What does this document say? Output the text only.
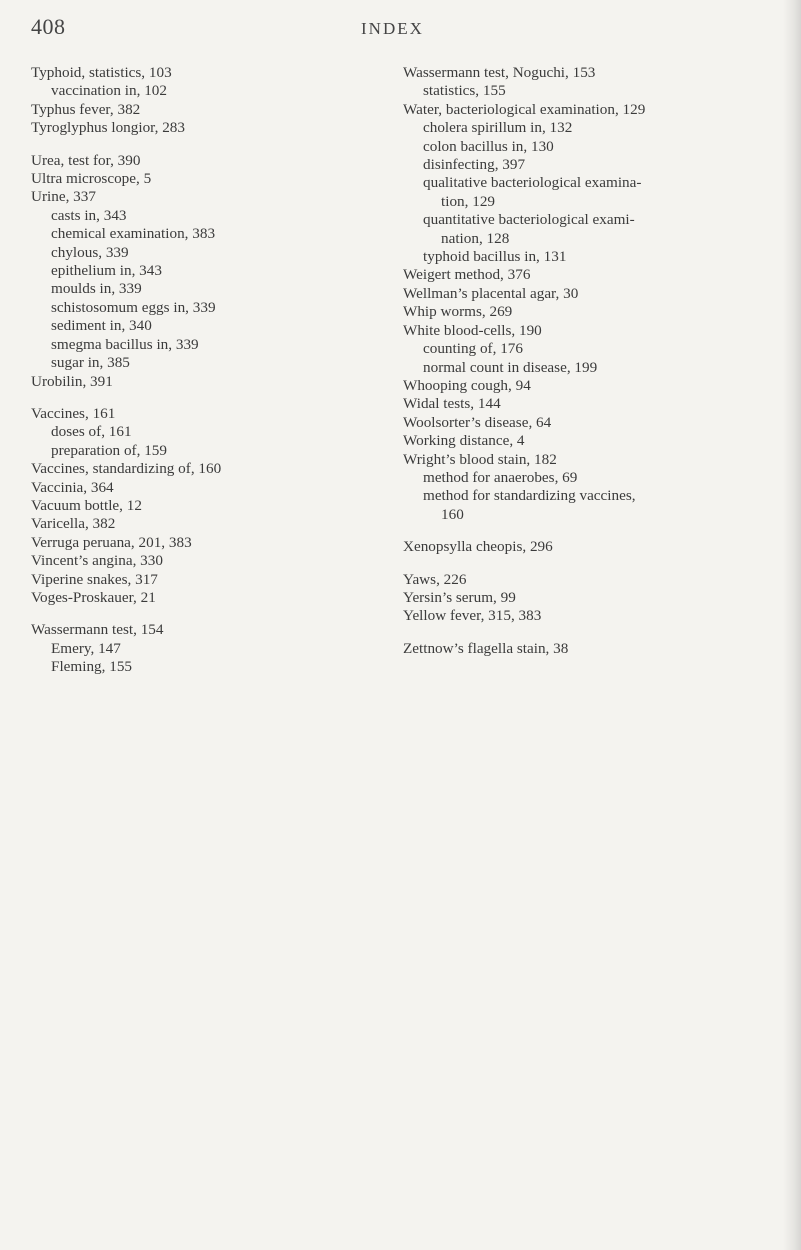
408	INDEX

Typhoid, statistics, 103

vaccination in, 102

Typhus fever, 382

Tyroglyphus longior, 283

Urea, test for, 390

Ultra microscope, 5

Urine, 337

casts in, 343

chemical examination, 383

chylous, 339

epithelium in, 343

moulds in, 339

schistosomum eggs in, 339

sediment in, 340

smegma bacillus in, 339

sugar in, 385

Urobilin, 391

Vaccines, 161

doses of, 161

preparation of, 159

Vaccines, standardizing of, 160

Vaccinia, 364

Vacuum bottle, 12

Varicella, 382

Verruga peruana, 201, 383

Vincent’s angina, 330

Viperine snakes, 317

Voges-Proskauer, 21

Wassermann test, 154

Emery, 147

Fleming, 155

Wassermann test, Noguchi, 153

statistics, 155

Water, bacteriological examination, 129

cholera spirillum in, 132

colon bacillus in, 130

disinfecting, 397

qualitative bacteriological examina-

tion, 129

quantitative bacteriological exami-

nation, 128

typhoid bacillus in, 131

Weigert method, 376

Wellman’s placental agar, 30

Whip worms, 269

White blood-cells, 190

counting of, 176

normal count in disease, 199

Whooping cough, 94

Widal tests, 144

Woolsorter’s disease, 64

Working distance, 4

Wright’s blood stain, 182

method for anaerobes, 69

method for standardizing vaccines,

160

Xenopsylla cheopis, 296

Yaws, 226

Yersin’s serum, 99

Yellow fever, 315, 383

Zettnow’s flagella stain, 38
